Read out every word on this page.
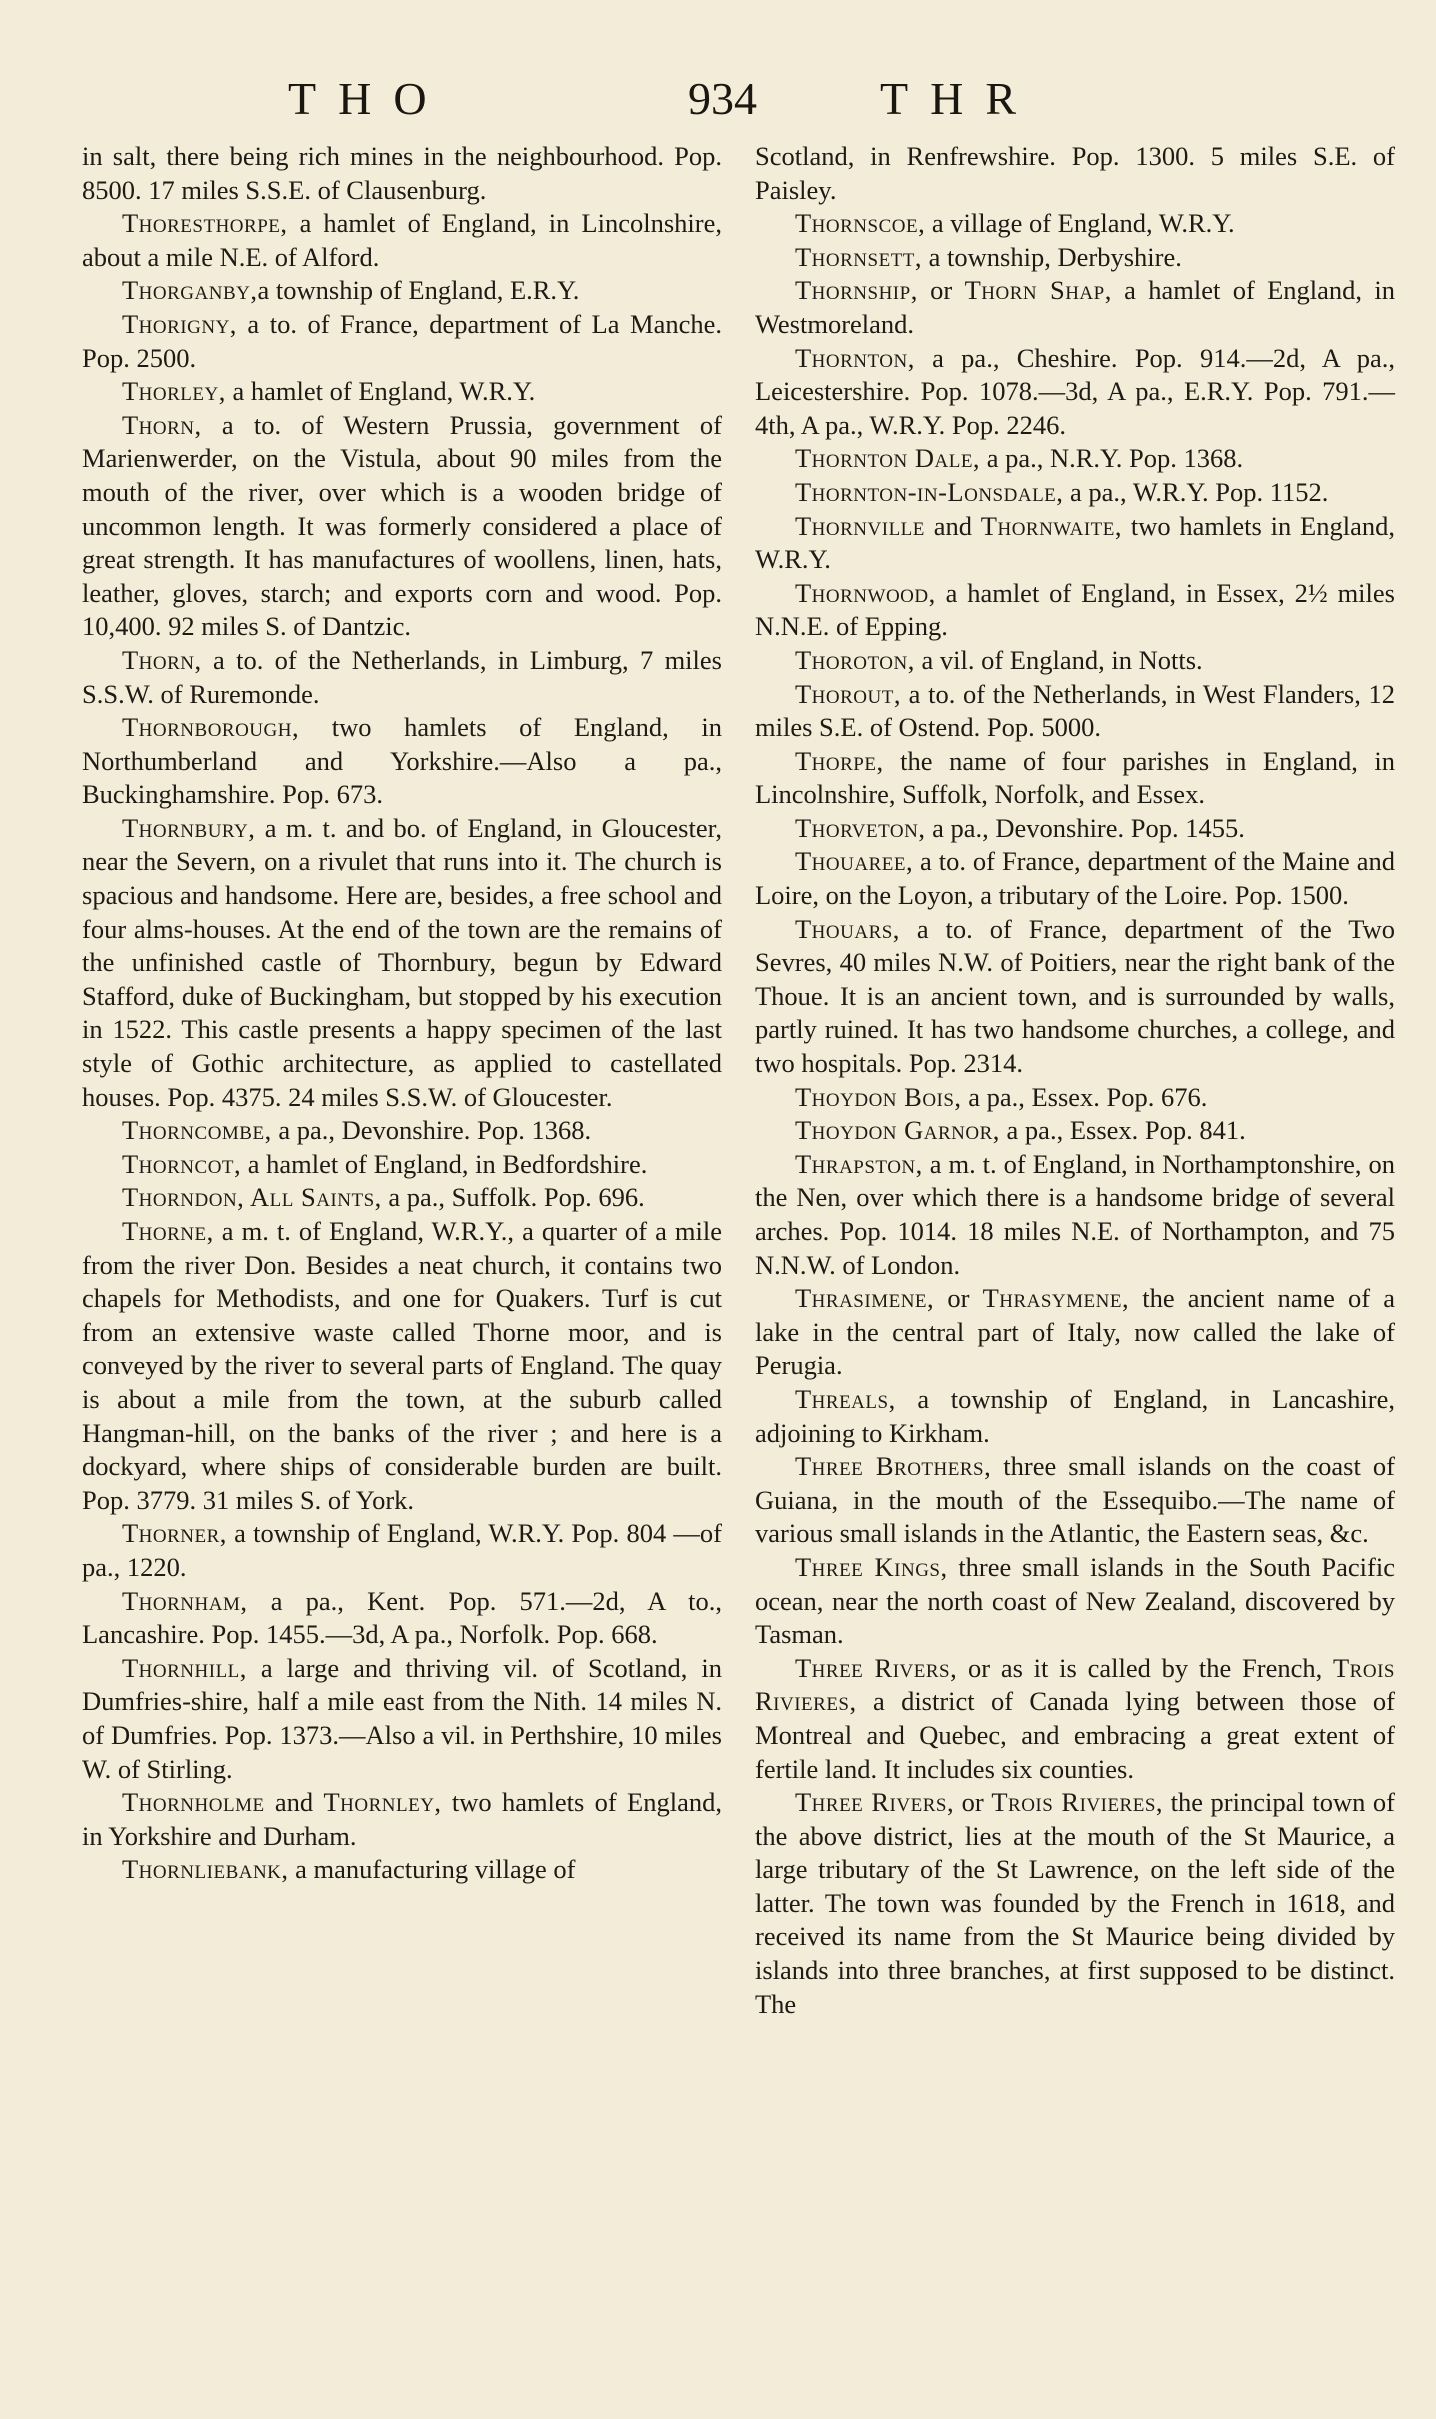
THO	934	THR

in salt, there being rich mines in the neighbourhood. Pop. 8500. 17 miles S.S.E. of Clausenburg.

Thoresthorpe, a hamlet of England, in Lincolnshire, about a mile N.E. of Alford.

Thorganby,a township of England, E.R.Y.

Thorigny, a to. of France, department of La Manche. Pop. 2500.

Thorley, a hamlet of England, W.R.Y.

Thorn, a to. of Western Prussia, government of Marienwerder, on the Vistula, about 90 miles from the mouth of the river, over which is a wooden bridge of uncommon length. It was formerly considered a place of great strength. It has manufactures of woollens, linen, hats, leather, gloves, starch; and exports corn and wood. Pop. 10,400. 92 miles S. of Dantzic.

Thorn, a to. of the Netherlands, in Limburg, 7 miles S.S.W. of Ruremonde.

Thornborough, two hamlets of England, in Northumberland and Yorkshire.—Also a pa., Buckinghamshire. Pop. 673.

Thornbury, a m. t. and bo. of England, in Gloucester, near the Severn, on a rivulet that runs into it. The church is spacious and handsome. Here are, besides, a free school and four alms-houses. At the end of the town are the remains of the unfinished castle of Thornbury, begun by Edward Stafford, duke of Buckingham, but stopped by his execution in 1522. This castle presents a happy specimen of the last style of Gothic architecture, as applied to castellated houses. Pop. 4375. 24 miles S.S.W. of Gloucester.

Thorncombe, a pa., Devonshire. Pop. 1368.

Thorncot, a hamlet of England, in Bedfordshire.

Thorndon, All Saints, a pa., Suffolk. Pop. 696.

Thorne, a m. t. of England, W.R.Y., a quarter of a mile from the river Don. Besides a neat church, it contains two chapels for Methodists, and one for Quakers. Turf is cut from an extensive waste called Thorne moor, and is conveyed by the river to several parts of England. The quay is about a mile from the town, at the suburb called Hangman-hill, on the banks of the river ; and here is a dockyard, where ships of considerable burden are built. Pop. 3779. 31 miles S. of York.

Thorner, a township of England, W.R.Y. Pop. 804 —of pa., 1220.

Thornham, a pa., Kent. Pop. 571.—2d, A to., Lancashire. Pop. 1455.—3d, A pa., Norfolk. Pop. 668.

Thornhill, a large and thriving vil. of Scotland, in Dumfries-shire, half a mile east from the Nith. 14 miles N. of Dumfries. Pop. 1373.—Also a vil. in Perthshire, 10 miles W. of Stirling.

Thornholme and Thornley, two hamlets of England, in Yorkshire and Durham.

Thornliebank, a manufacturing village of

Scotland, in Renfrewshire. Pop. 1300. 5 miles S.E. of Paisley.

Thornscoe, a village of England, W.R.Y.

Thornsett, a township, Derbyshire.

Thornship, or Thorn Shap, a hamlet of England, in Westmoreland.

Thornton, a pa., Cheshire. Pop. 914.—2d, A pa., Leicestershire. Pop. 1078.—3d, A pa., E.R.Y. Pop. 791.—4th, A pa., W.R.Y. Pop. 2246.

Thornton Dale, a pa., N.R.Y. Pop. 1368.

Thornton-in-Lonsdale, a pa., W.R.Y. Pop. 1152.

Thornville and Thornwaite, two hamlets in England, W.R.Y.

Thornwood, a hamlet of England, in Essex, 2½ miles N.N.E. of Epping.

Thoroton, a vil. of England, in Notts.

Thorout, a to. of the Netherlands, in West Flanders, 12 miles S.E. of Ostend. Pop. 5000.

Thorpe, the name of four parishes in England, in Lincolnshire, Suffolk, Norfolk, and Essex.

Thorveton, a pa., Devonshire. Pop. 1455.

Thouaree, a to. of France, department of the Maine and Loire, on the Loyon, a tributary of the Loire. Pop. 1500.

Thouars, a to. of France, department of the Two Sevres, 40 miles N.W. of Poitiers, near the right bank of the Thoue. It is an ancient town, and is surrounded by walls, partly ruined. It has two handsome churches, a college, and two hospitals. Pop. 2314.

Thoydon Bois, a pa., Essex. Pop. 676.

Thoydon Garnor, a pa., Essex. Pop. 841.

Thrapston, a m. t. of England, in Northamptonshire, on the Nen, over which there is a handsome bridge of several arches. Pop. 1014. 18 miles N.E. of Northampton, and 75 N.N.W. of London.

Thrasimene, or Thrasymene, the ancient name of a lake in the central part of Italy, now called the lake of Perugia.

Threals, a township of England, in Lancashire, adjoining to Kirkham.

Three Brothers, three small islands on the coast of Guiana, in the mouth of the Essequibo.—The name of various small islands in the Atlantic, the Eastern seas, &c.

Three Kings, three small islands in the South Pacific ocean, near the north coast of New Zealand, discovered by Tasman.

Three Rivers, or as it is called by the French, Trois Rivieres, a district of Canada lying between those of Montreal and Quebec, and embracing a great extent of fertile land. It includes six counties.

Three Rivers, or Trois Rivieres, the principal town of the above district, lies at the mouth of the St Maurice, a large tributary of the St Lawrence, on the left side of the latter. The town was founded by the French in 1618, and received its name from the St Maurice being divided by islands into three branches, at first supposed to be distinct. The
